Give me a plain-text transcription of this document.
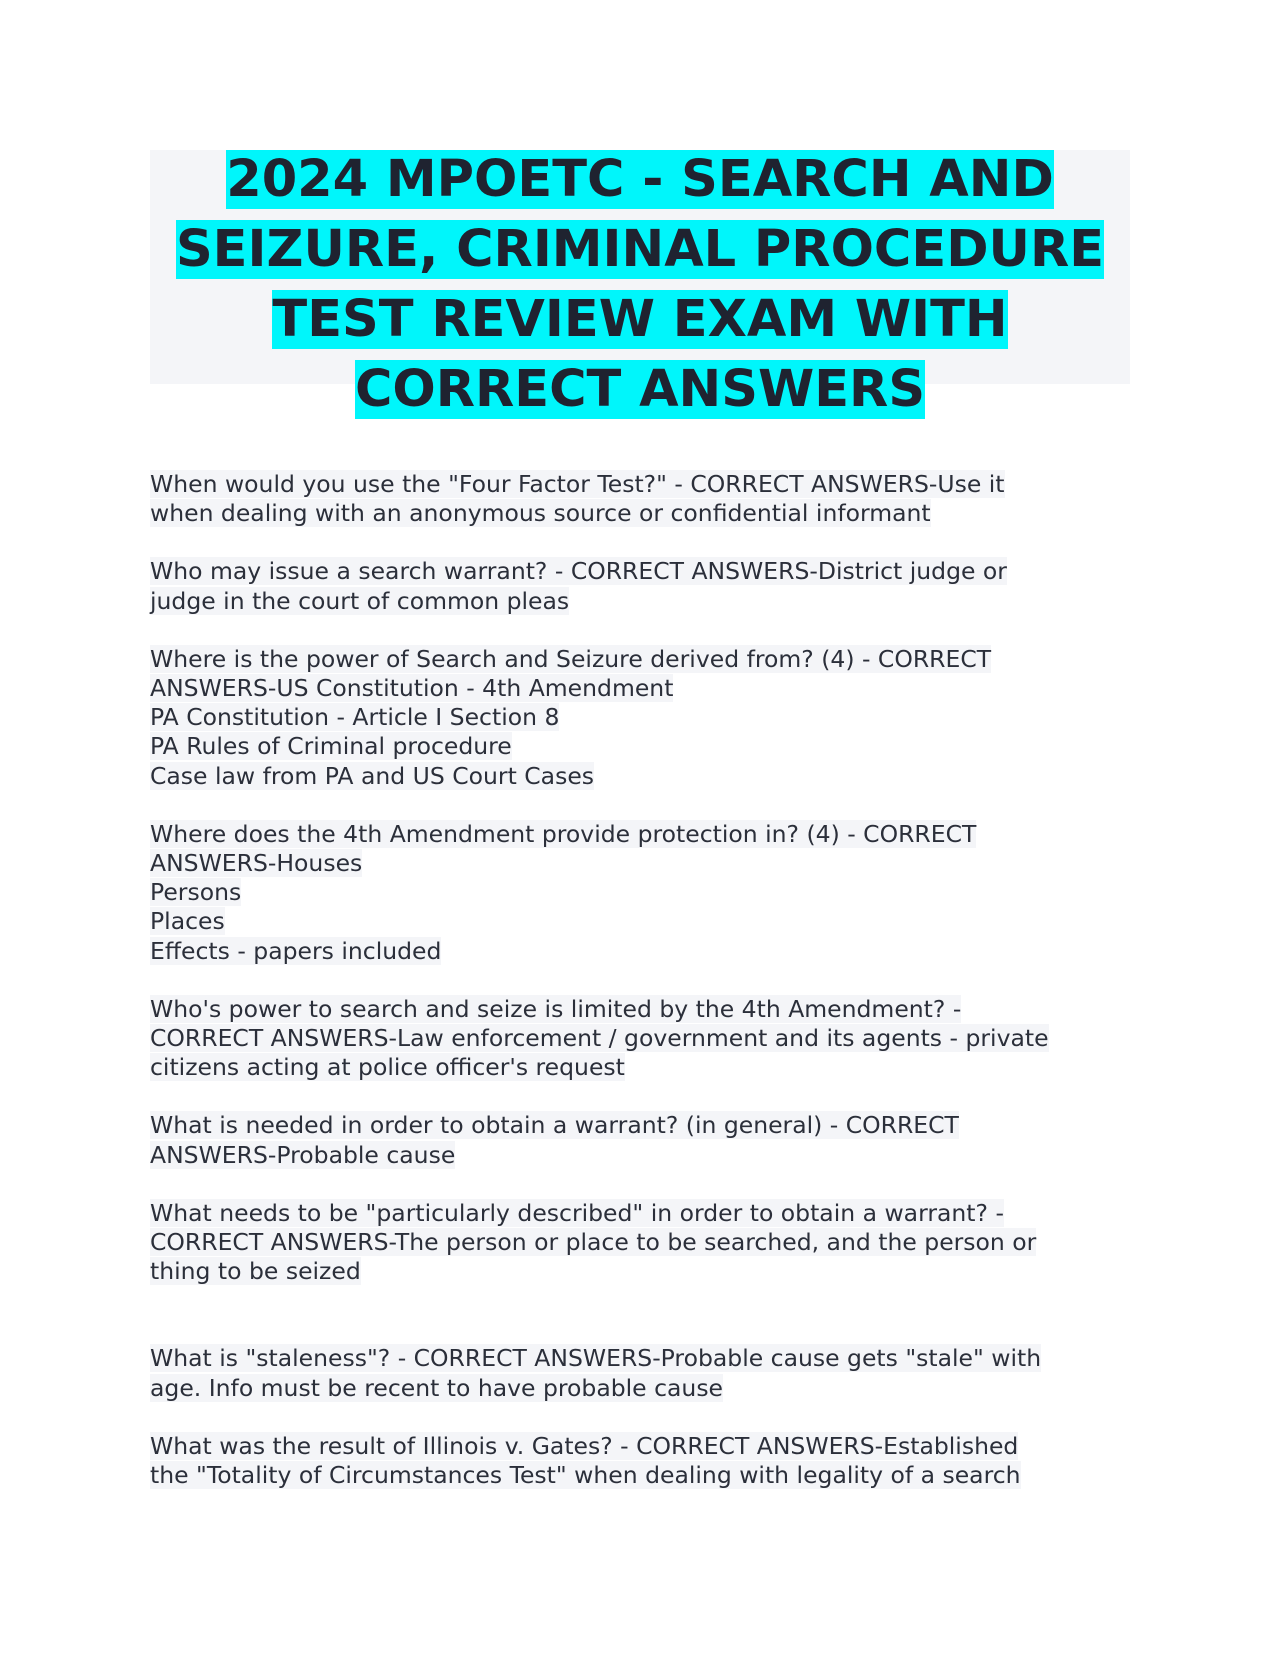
2024 MPOETC - SEARCH AND
SEIZURE, CRIMINAL PROCEDURE
TEST REVIEW EXAM WITH
CORRECT ANSWERS
When would you use the "Four Factor Test?" - CORRECT ANSWERS-Use it
when dealing with an anonymous source or confidential informant
Who may issue a search warrant? - CORRECT ANSWERS-District judge or
judge in the court of common pleas
Where is the power of Search and Seizure derived from? (4) - CORRECT
ANSWERS-US Constitution - 4th Amendment
PA Constitution - Article I Section 8
PA Rules of Criminal procedure
Case law from PA and US Court Cases
Where does the 4th Amendment provide protection in? (4) - CORRECT
ANSWERS-Houses
Persons
Places
Effects - papers included
Who's power to search and seize is limited by the 4th Amendment? -
CORRECT ANSWERS-Law enforcement / government and its agents - private
citizens acting at police officer's request
What is needed in order to obtain a warrant? (in general) - CORRECT
ANSWERS-Probable cause
What needs to be "particularly described" in order to obtain a warrant? -
CORRECT ANSWERS-The person or place to be searched, and the person or
thing to be seized
What is "staleness"? - CORRECT ANSWERS-Probable cause gets "stale" with
age. Info must be recent to have probable cause
What was the result of Illinois v. Gates? - CORRECT ANSWERS-Established
the "Totality of Circumstances Test" when dealing with legality of a search
